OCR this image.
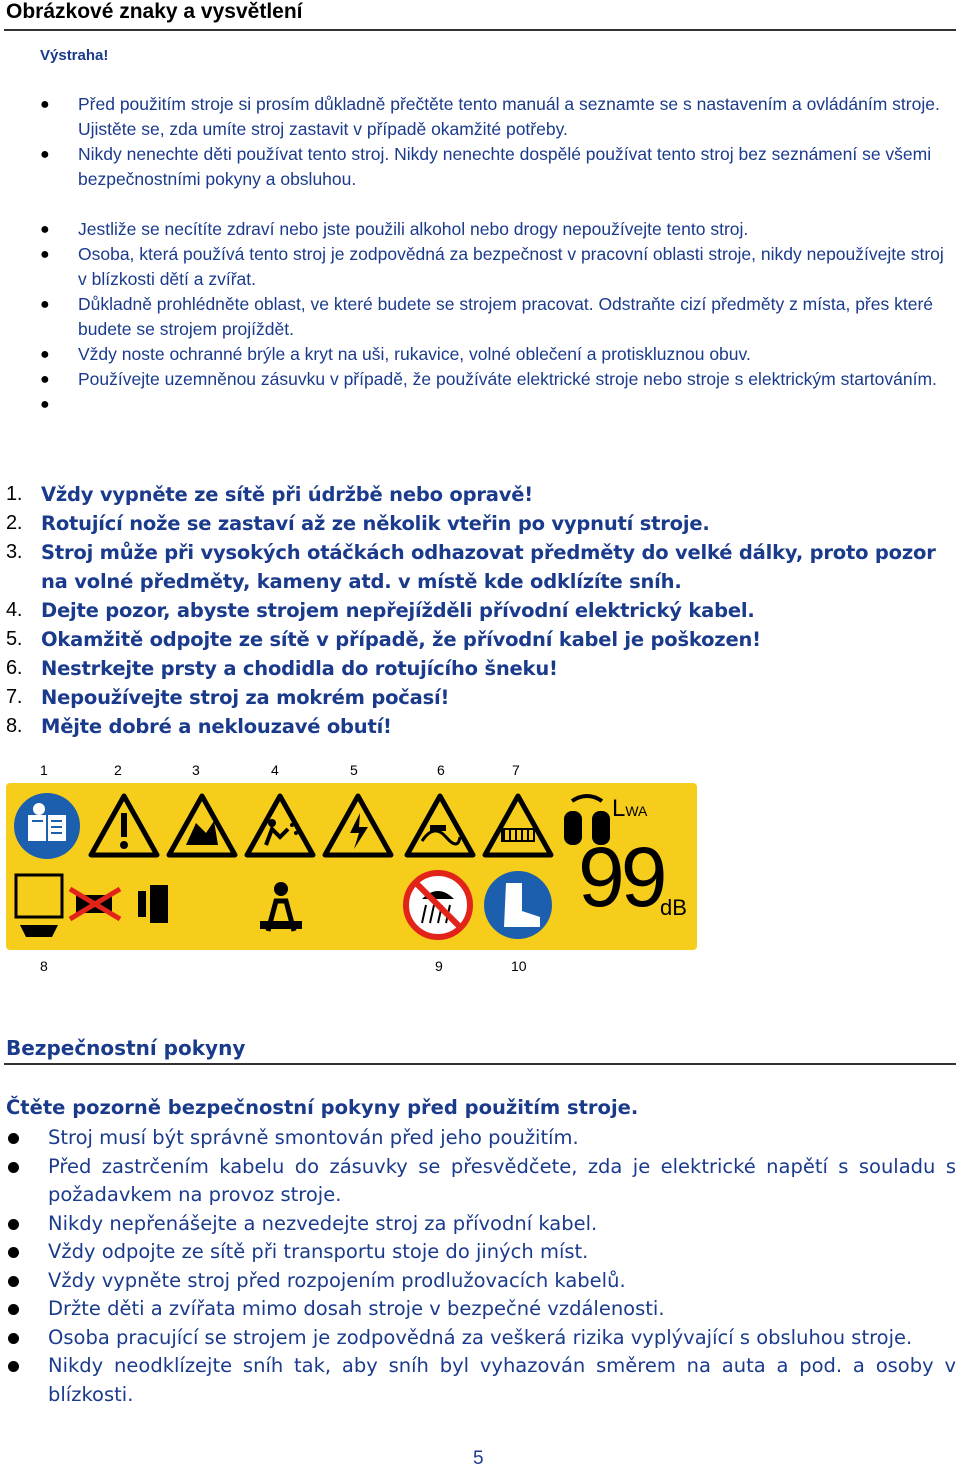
Obrázkové znaky a vysvětlení
Výstraha!
● Před použitím stroje si prosím důkladně přečtěte tento manuál a seznamte se s nastavením a ovládáním stroje. Ujistěte se, zda umíte stroj zastavit v případě okamžité potřeby.
● Nikdy nenechte děti používat tento stroj. Nikdy nenechte dospělé používat tento stroj bez seznámení se všemi bezpečnostními pokyny a obsluhou.
● Jestliže se necítíte zdraví nebo jste použili alkohol nebo drogy nepoužívejte tento stroj.
● Osoba, která používá tento stroj je zodpovědná za bezpečnost v pracovní oblasti stroje, nikdy nepoužívejte stroj v blízkosti dětí a zvířat.
● Důkladně prohlédněte oblast, ve které budete se strojem pracovat. Odstraňte cizí předměty z místa, přes které budete se strojem projíždět.
● Vždy noste ochranné brýle a kryt na uši, rukavice, volné oblečení a protiskluznou obuv.
● Používejte uzemněnou zásuvku v případě, že používáte elektrické stroje nebo stroje s elektrickým startováním.
●
1. Vždy vypněte ze sítě při údržbě nebo opravě!
2. Rotující nože se zastaví až ze několik vteřin po vypnutí stroje.
3. Stroj může při vysokých otáčkách odhazovat předměty do velké dálky, proto pozor na volné předměty, kameny atd. v místě kde odklízíte sníh.
4. Dejte pozor, abyste strojem nepřejížděli přívodní elektrický kabel.
5. Okamžitě odpojte ze sítě v případě, že přívodní kabel je poškozen!
6. Nestrkejte prsty a chodidla do rotujícího šneku!
7. Nepoužívejte stroj za mokrém počasí!
8. Mějte dobré a neklouzavé obutí!
1	2	3	4	5	6	7
8	9	10
LWA
99
dB
Bezpečnostní pokyny
Čtěte pozorně bezpečnostní pokyny před použitím stroje.
Stroj musí být správně smontován před jeho použitím.
Před zastrčením kabelu do zásuvky se přesvědčete, zda je elektrické napětí s souladu s požadavkem na provoz stroje.
Nikdy nepřenášejte a nezvedejte stroj za přívodní kabel.
Vždy odpojte ze sítě při transportu stoje do jiných míst.
Vždy vypněte stroj před rozpojením prodlužovacích kabelů.
Držte děti a zvířata mimo dosah stroje v bezpečné vzdálenosti.
Osoba pracující se strojem je zodpovědná za veškerá rizika vyplývající s obsluhou stroje.
Nikdy neodklízejte sníh tak, aby sníh byl vyhazován směrem na auta a pod. a osoby v blízkosti.
5
